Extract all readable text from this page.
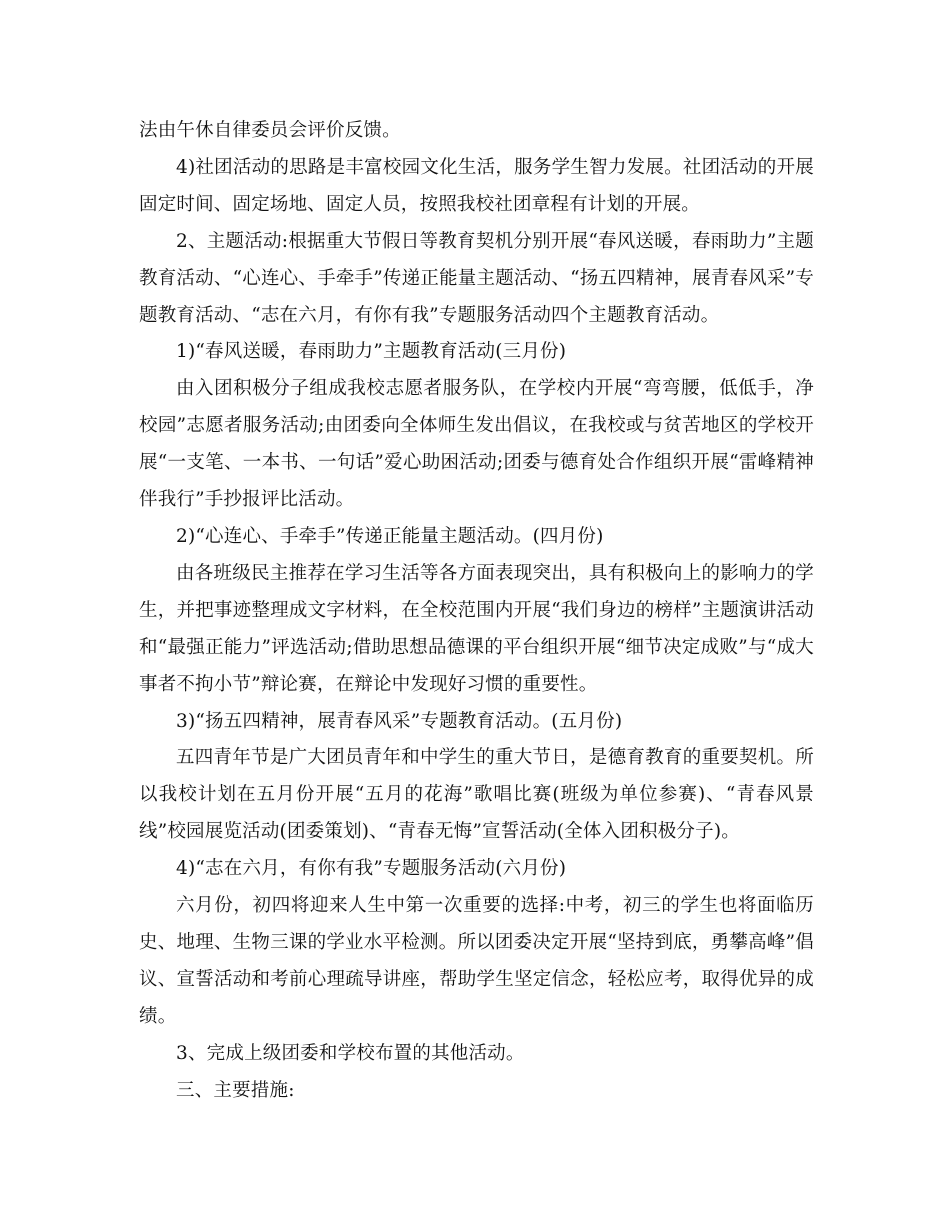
法由午休自律委员会评价反馈。

4)社团活动的思路是丰富校园文化生活，服务学生智力发展。社团活动的开展固定时间、固定场地、固定人员，按照我校社团章程有计划的开展。

2、主题活动:根据重大节假日等教育契机分别开展“春风送暖，春雨助力”主题教育活动、“心连心、手牵手”传递正能量主题活动、“扬五四精神，展青春风采”专题教育活动、“志在六月，有你有我”专题服务活动四个主题教育活动。

1)“春风送暖，春雨助力”主题教育活动(三月份)

由入团积极分子组成我校志愿者服务队，在学校内开展“弯弯腰，低低手，净校园”志愿者服务活动;由团委向全体师生发出倡议，在我校或与贫苦地区的学校开展“一支笔、一本书、一句话”爱心助困活动;团委与德育处合作组织开展“雷峰精神伴我行”手抄报评比活动。

2)“心连心、手牵手”传递正能量主题活动。(四月份)

由各班级民主推荐在学习生活等各方面表现突出，具有积极向上的影响力的学生，并把事迹整理成文字材料，在全校范围内开展“我们身边的榜样”主题演讲活动和“最强正能力”评选活动;借助思想品德课的平台组织开展“细节决定成败”与“成大事者不拘小节”辩论赛，在辩论中发现好习惯的重要性。

3)“扬五四精神，展青春风采”专题教育活动。(五月份)

五四青年节是广大团员青年和中学生的重大节日，是德育教育的重要契机。所以我校计划在五月份开展“五月的花海”歌唱比赛(班级为单位参赛)、“青春风景线”校园展览活动(团委策划)、“青春无悔”宣誓活动(全体入团积极分子)。

4)“志在六月，有你有我”专题服务活动(六月份)

六月份，初四将迎来人生中第一次重要的选择:中考，初三的学生也将面临历史、地理、生物三课的学业水平检测。所以团委决定开展“坚持到底，勇攀高峰”倡议、宣誓活动和考前心理疏导讲座，帮助学生坚定信念，轻松应考，取得优异的成绩。

3、完成上级团委和学校布置的其他活动。

三、主要措施:
